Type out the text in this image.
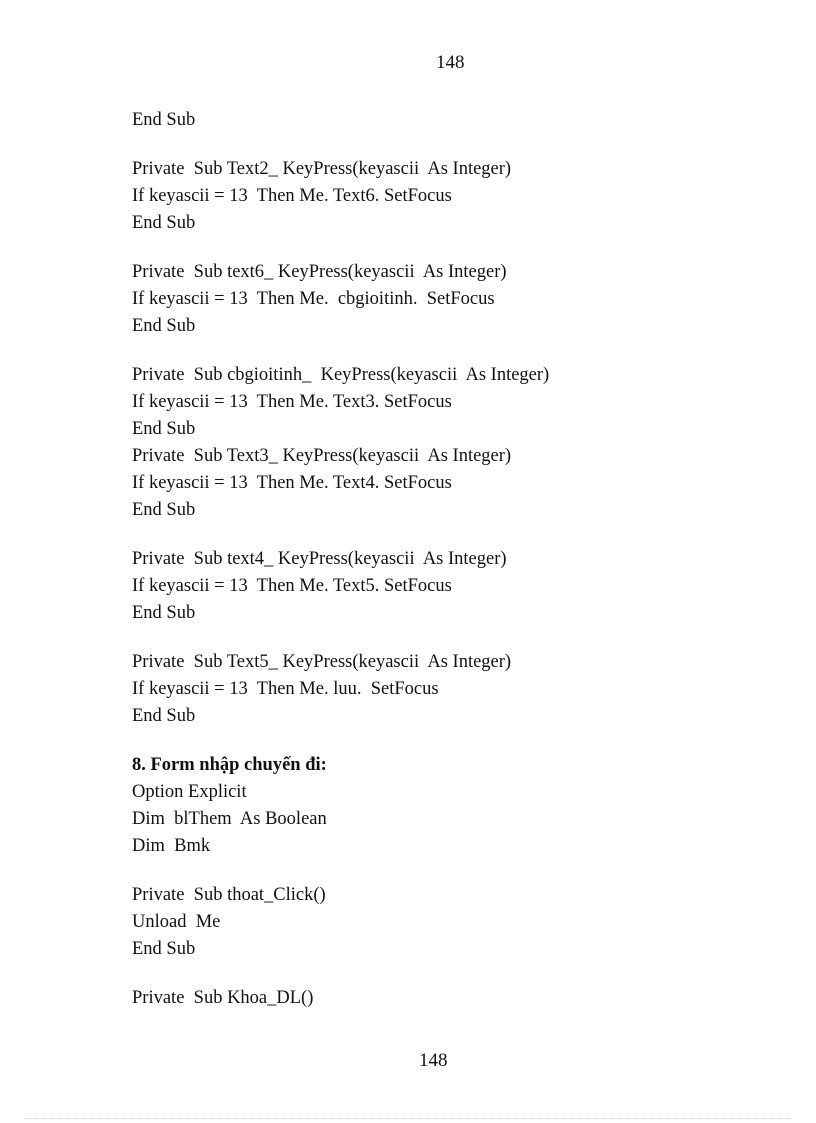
148
End Sub
Private  Sub Text2_ KeyPress(keyascii  As Integer)
If keyascii = 13  Then Me. Text6. SetFocus
End Sub
Private  Sub text6_ KeyPress(keyascii  As Integer)
If keyascii = 13  Then Me.  cbgioitinh.  SetFocus
End Sub
Private  Sub cbgioitinh_  KeyPress(keyascii  As Integer)
If keyascii = 13  Then Me. Text3. SetFocus
End Sub
Private  Sub Text3_ KeyPress(keyascii  As Integer)
If keyascii = 13  Then Me. Text4. SetFocus
End Sub
Private  Sub text4_ KeyPress(keyascii  As Integer)
If keyascii = 13  Then Me. Text5. SetFocus
End Sub
Private  Sub Text5_ KeyPress(keyascii  As Integer)
If keyascii = 13  Then Me. luu.  SetFocus
End Sub
8. Form nhập chuyến đi:
Option Explicit
Dim  blThem  As Boolean
Dim  Bmk
Private  Sub thoat_Click()
Unload  Me
End Sub
Private  Sub Khoa_DL()
148
